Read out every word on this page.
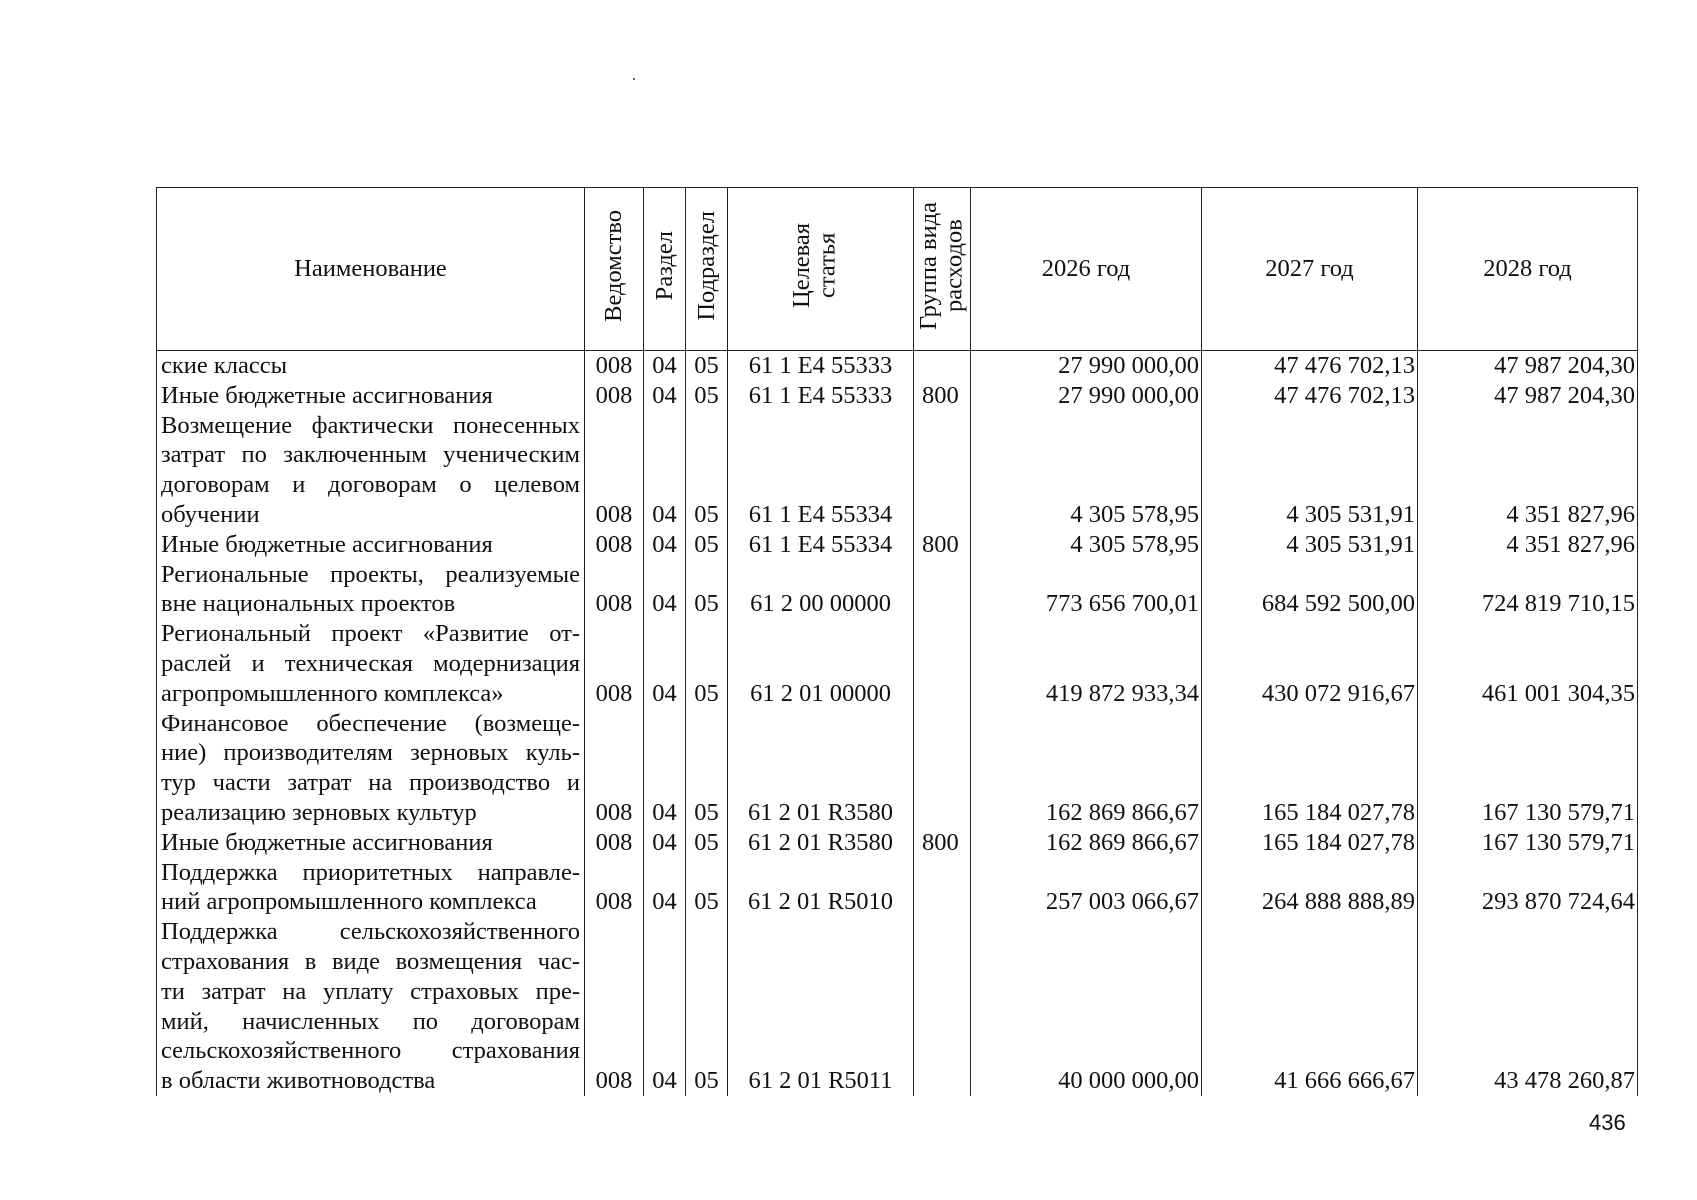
Наименование	Ведомство	Раздел	Подраздел	Целевая статья	Группа вида расходов	2026 год	2027 год	2028 год
ские классы	008	04	05	61 1 Е4 55333		27 990 000,00	47 476 702,13	47 987 204,30
Иные бюджетные ассигнования	008	04	05	61 1 Е4 55333	800	27 990 000,00	47 476 702,13	47 987 204,30
Возмещение фактически понесенных								
затрат по заключенным ученическим								
договорам и договорам о целевом								
обучении	008	04	05	61 1 Е4 55334		4 305 578,95	4 305 531,91	4 351 827,96
Иные бюджетные ассигнования	008	04	05	61 1 Е4 55334	800	4 305 578,95	4 305 531,91	4 351 827,96
Региональные проекты, реализуемые								
вне национальных проектов	008	04	05	61 2 00 00000		773 656 700,01	684 592 500,00	724 819 710,15
Региональный проект «Развитие от-								
раслей и техническая модернизация								
агропромышленного комплекса»	008	04	05	61 2 01 00000		419 872 933,34	430 072 916,67	461 001 304,35
Финансовое обеспечение (возмеще-								
ние) производителям зерновых куль-								
тур части затрат на производство и								
реализацию зерновых культур	008	04	05	61 2 01 R3580		162 869 866,67	165 184 027,78	167 130 579,71
Иные бюджетные ассигнования	008	04	05	61 2 01 R3580	800	162 869 866,67	165 184 027,78	167 130 579,71
Поддержка приоритетных направле-								
ний агропромышленного комплекса	008	04	05	61 2 01 R5010		257 003 066,67	264 888 888,89	293 870 724,64
Поддержка сельскохозяйственного								
страхования в виде возмещения час-								
ти затрат на уплату страховых пре-								
мий, начисленных по договорам								
сельскохозяйственного страхования								
в области животноводства	008	04	05	61 2 01 R5011		40 000 000,00	41 666 666,67	43 478 260,87
436
